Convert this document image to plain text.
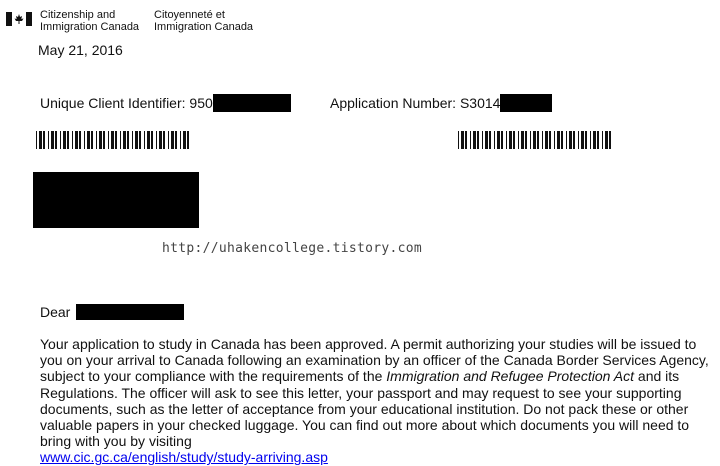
Citizenship and
Immigration Canada
Citoyenneté et
Immigration Canada
May 21, 2016
Unique Client Identifier:
950	Application Number:
S3014
http://uhakencollege.tistory.com
Dear
Your application to study in Canada has been approved. A permit authorizing your studies will be issued to you on your arrival to Canada following an examination by an officer of the Canada Border Services Agency, subject to your compliance with the requirements of the Immigration and Refugee Protection Act and its Regulations. The officer will ask to see this letter, your passport and may request to see your supporting documents, such as the letter of acceptance from your educational institution. Do not pack these or other valuable papers in your checked luggage. You can find out more about which documents you will need to bring with you by visiting
www.cic.gc.ca/english/study/study-arriving.asp
